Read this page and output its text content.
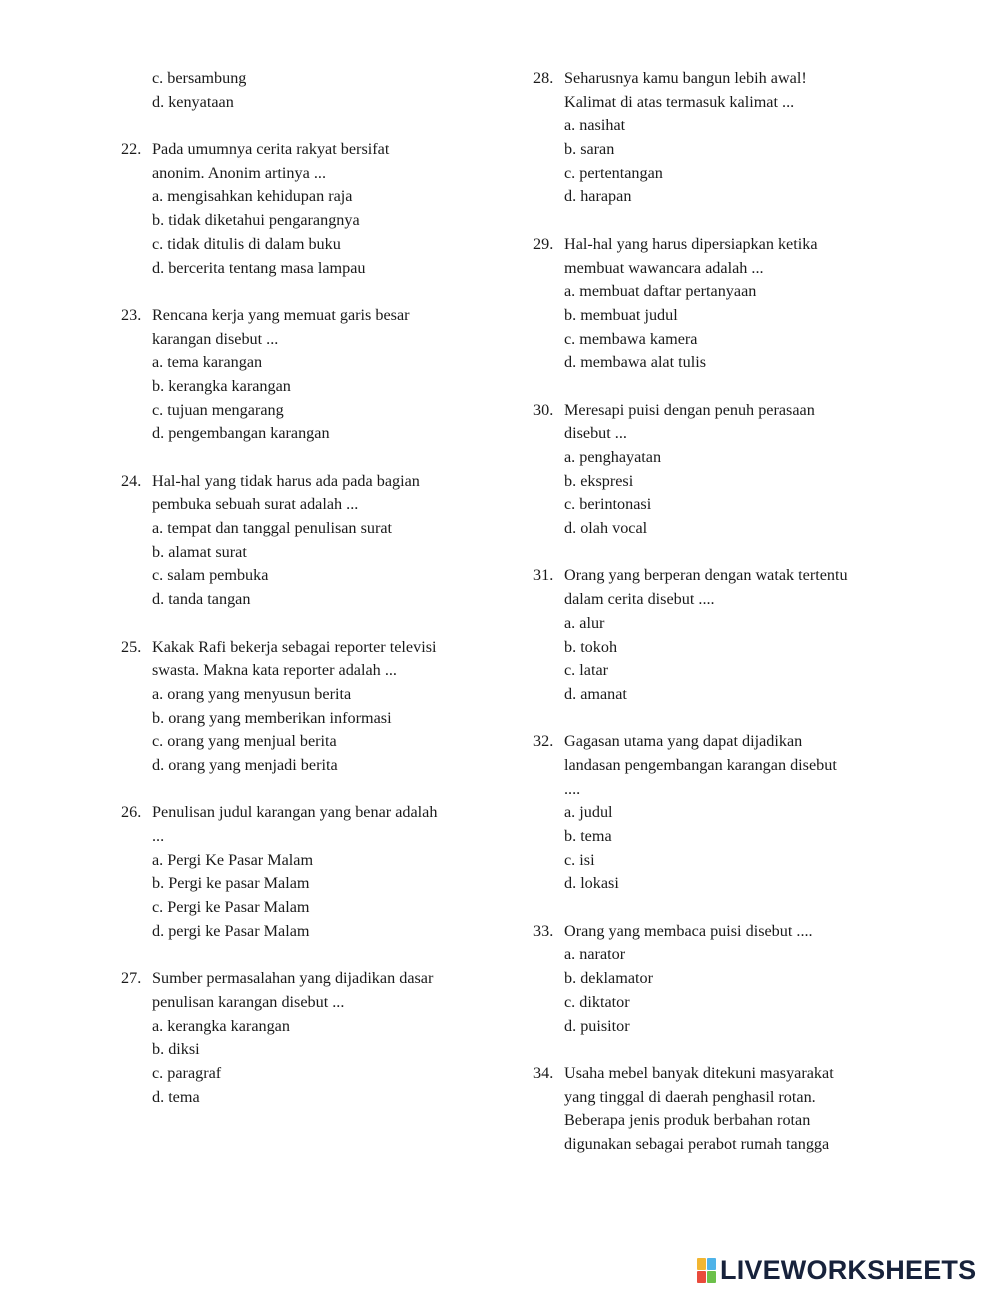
c. bersambung
d. kenyataan
22. Pada umumnya cerita rakyat bersifat
anonim. Anonim artinya ...
a. mengisahkan kehidupan raja
b. tidak diketahui pengarangnya
c. tidak ditulis di dalam buku
d. bercerita tentang masa lampau
23. Rencana kerja yang memuat garis besar
karangan disebut ...
a. tema karangan
b. kerangka karangan
c. tujuan mengarang
d. pengembangan karangan
24. Hal-hal yang tidak harus ada pada bagian
pembuka sebuah surat adalah ...
a. tempat dan tanggal penulisan surat
b. alamat surat
c. salam pembuka
d. tanda tangan
25. Kakak Rafi bekerja sebagai reporter televisi
swasta. Makna kata reporter adalah ...
a. orang yang menyusun berita
b. orang yang memberikan informasi
c. orang yang menjual berita
d. orang yang menjadi berita
26. Penulisan judul karangan yang benar adalah
...
a. Pergi Ke Pasar Malam
b. Pergi ke pasar Malam
c. Pergi ke Pasar Malam
d. pergi ke Pasar Malam
27. Sumber permasalahan yang dijadikan dasar
penulisan karangan disebut ...
a. kerangka karangan
b. diksi
c. paragraf
d. tema
28. Seharusnya kamu bangun lebih awal!
Kalimat di atas termasuk kalimat ...
a. nasihat
b. saran
c. pertentangan
d. harapan
29. Hal-hal yang harus dipersiapkan ketika
membuat wawancara adalah ...
a. membuat daftar pertanyaan
b. membuat judul
c. membawa kamera
d. membawa alat tulis
30. Meresapi puisi dengan penuh perasaan
disebut ...
a. penghayatan
b. ekspresi
c. berintonasi
d. olah vocal
31. Orang yang berperan dengan watak tertentu
dalam cerita disebut ....
a. alur
b. tokoh
c. latar
d. amanat
32. Gagasan utama yang dapat dijadikan
landasan pengembangan karangan disebut
....
a. judul
b. tema
c. isi
d. lokasi
33. Orang yang membaca puisi disebut ....
a. narator
b. deklamator
c. diktator
d. puisitor
34. Usaha mebel banyak ditekuni masyarakat
yang tinggal di daerah penghasil rotan.
Beberapa jenis produk berbahan rotan
digunakan sebagai perabot rumah tangga
LIVEWORKSHEETS
